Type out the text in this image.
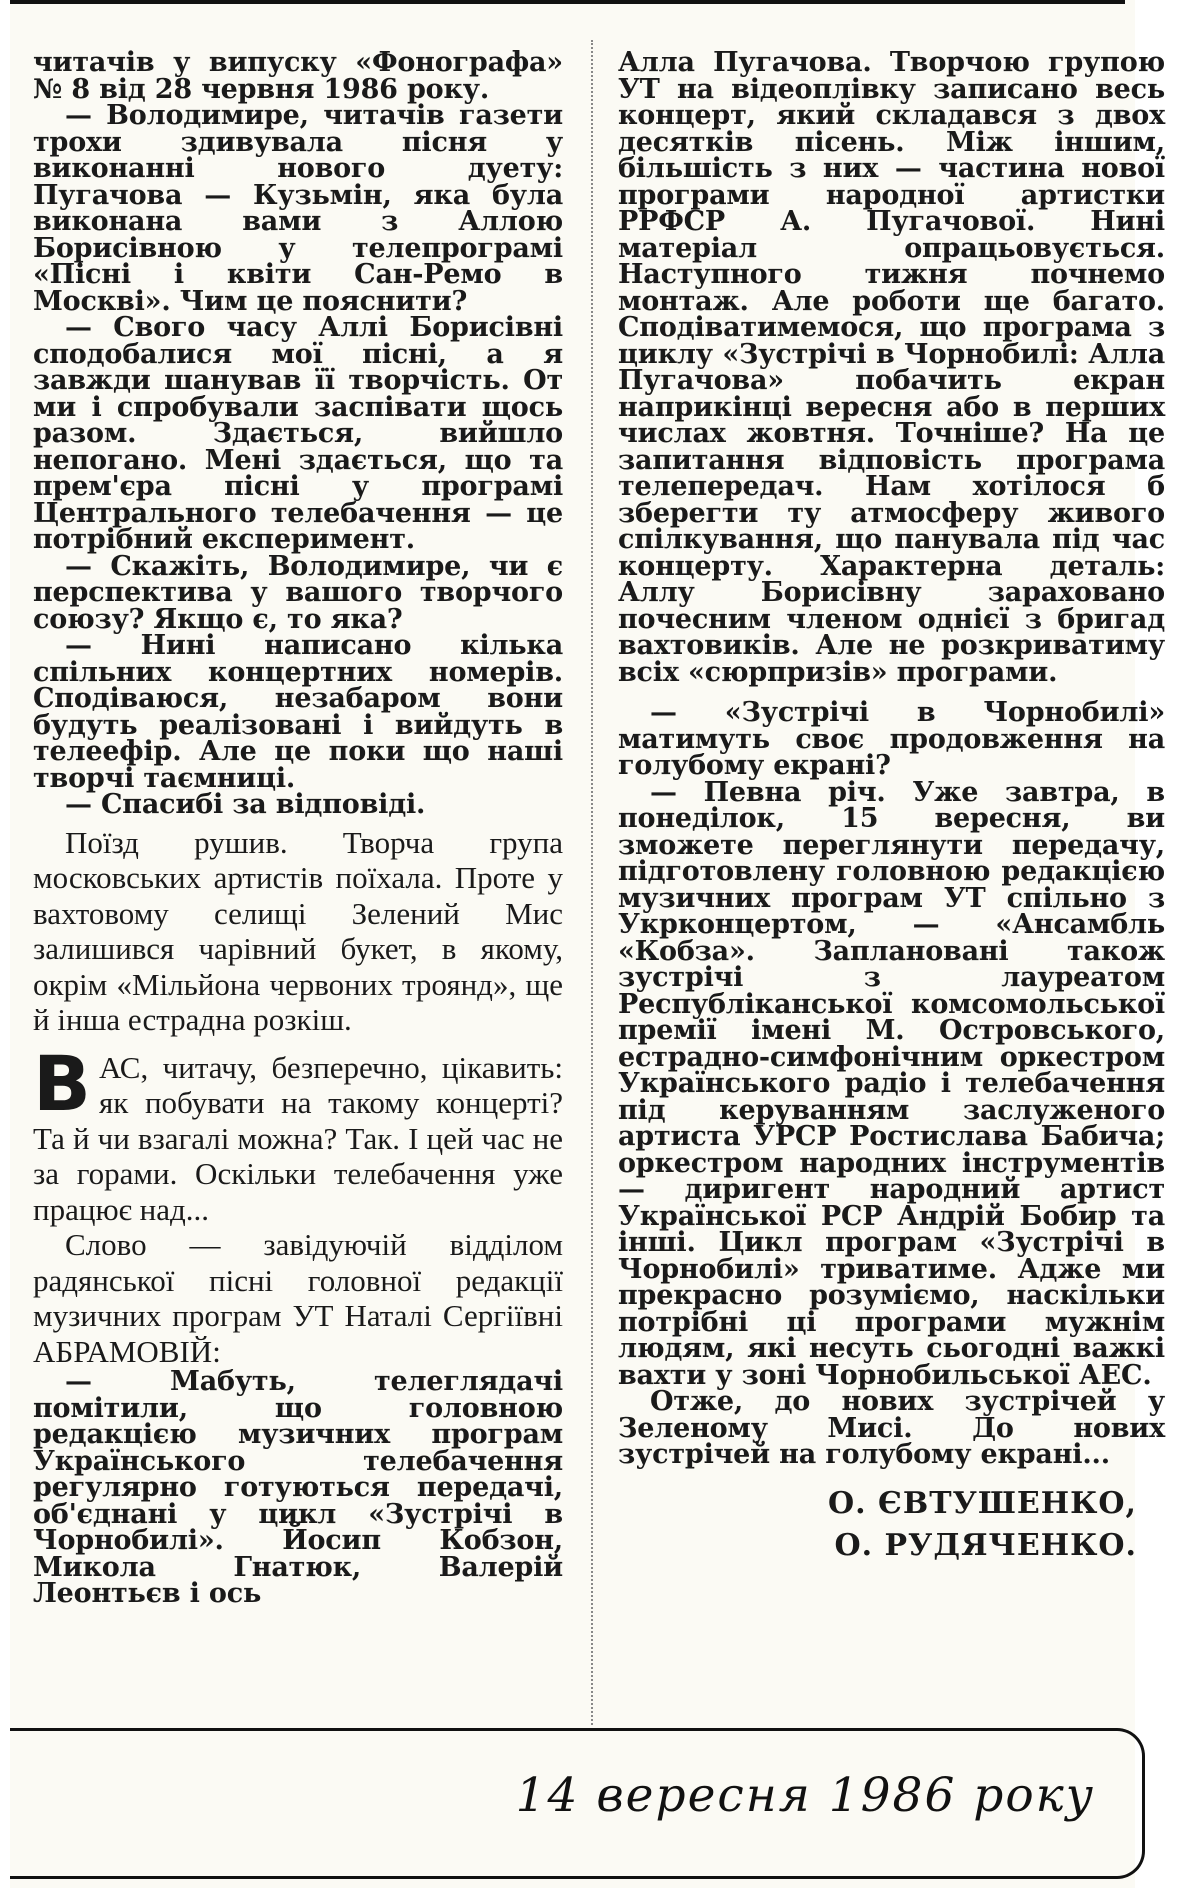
читачів у випуску «Фонографа» № 8 від 28 червня 1986 року.

— Володимире, читачів газети трохи здивувала пісня у виконанні нового дуету: Пугачова — Кузьмін, яка була виконана вами з Аллою Борисівною у телепрограмі «Пісні і квіти Сан-Ремо в Москві». Чим це пояснити?

— Свого часу Аллі Борисівні сподобалися мої пісні, а я завжди шанував її творчість. От ми і спробували заспівати щось разом. Здається, вийшло непогано. Мені здається, що та прем'єра пісні у програмі Центрального телебачення — це потрібний експеримент.

— Скажіть, Володимире, чи є перспектива у вашого творчого союзу? Якщо є, то яка?

— Нині написано кілька спільних концертних номерів. Сподіваюся, незабаром вони будуть реалізовані і вийдуть в телеефір. Але це поки що наші творчі таємниці.

— Спасибі за відповіді.

Поїзд рушив. Творча група московських артистів поїхала. Проте у вахтовому селищі Зелений Мис залишився чарівний букет, в якому, окрім «Мільйона червоних троянд», ще й інша естрадна розкіш.

В АС, читачу, безперечно, цікавить: як побувати на такому концерті? Та й чи взагалі можна? Так. І цей час не за горами. Оскільки телебачення уже працює над...

Слово — завідуючій відділом радянської пісні головної редакції музичних програм УТ Наталі Сергіївні АБРАМОВІЙ:

— Мабуть, телеглядачі помітили, що головною редакцією музичних програм Українського телебачення регулярно готуються передачі, об'єднані у цикл «Зустрічі в Чорнобилі». Йосип Кобзон, Микола Гнатюк, Валерій Леонтьєв і ось

Алла Пугачова. Творчою групою УТ на відеоплівку записано весь концерт, який складався з двох десятків пісень. Між іншим, більшість з них — частина нової програми народної артистки РРФСР А. Пугачової. Нині матеріал опрацьовується. Наступного тижня почнемо монтаж. Але роботи ще багато. Сподіватимемося, що програма з циклу «Зустрічі в Чорнобилі: Алла Пугачова» побачить екран наприкінці вересня або в перших числах жовтня. Точніше? На це запитання відповість програма телепередач. Нам хотілося б зберегти ту атмосферу живого спілкування, що панувала під час концерту. Характерна деталь: Аллу Борисівну зараховано почесним членом однієї з бригад вахтовиків. Але не розкриватиму всіх «сюрпризів» програми.

— «Зустрічі в Чорнобилі» матимуть своє продовження на голубому екрані?

— Певна річ. Уже завтра, в понеділок, 15 вересня, ви зможете переглянути передачу, підготовлену головною редакцією музичних програм УТ спільно з Укрконцертом, — «Ансамбль «Кобза». Заплановані також зустрічі з лауреатом Республіканської комсомольської премії імені М. Островського, естрадно-симфонічним оркестром Українського радіо і телебачення під керуванням заслуженого артиста УРСР Ростислава Бабича; оркестром народних інструментів — диригент народний артист Української РСР Андрій Бобир та інші. Цикл програм «Зустрічі в Чорнобилі» триватиме. Адже ми прекрасно розуміємо, наскільки потрібні ці програми мужнім людям, які несуть сьогодні важкі вахти у зоні Чорнобильської АЕС.

Отже, до нових зустрічей у Зеленому Мисі. До нових зустрічей на голубому екрані...

О. ЄВТУШЕНКО,
О. РУДЯЧЕНКО.
14 вересня 1986 року
